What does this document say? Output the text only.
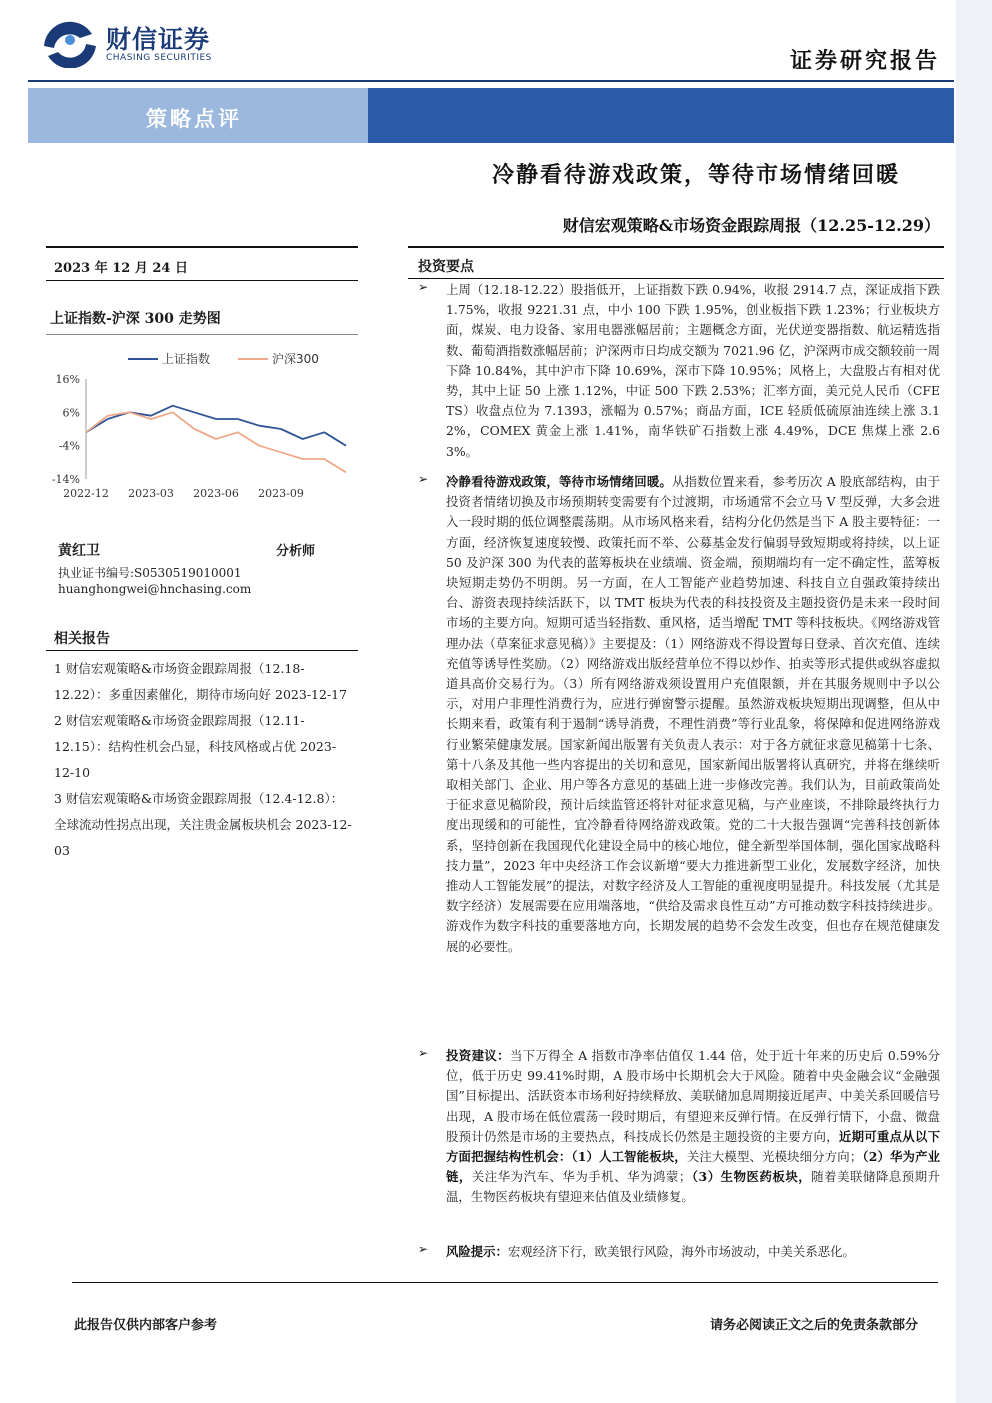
财信证券
CHASING SECURITIES	证券研究报告
策略点评
冷静看待游戏政策，等待市场情绪回暖
财信宏观策略&市场资金跟踪周报（12.25-12.29）
2023 年 12 月 24 日
上证指数-沪深 300 走势图
上证指数	沪深300
16%
6%
-4%
-14%
2022-12 2023-03 2023-06 2023-09
黄红卫	分析师
执业证书编号:S0530519010001
huanghongwei@hnchasing.com
相关报告
1 财信宏观策略&市场资金跟踪周报（12.18-12.22）：多重因素催化，期待市场向好 2023-12-17
2 财信宏观策略&市场资金跟踪周报（12.11-12.15）：结构性机会凸显，科技风格或占优 2023-12-10
3 财信宏观策略&市场资金跟踪周报（12.4-12.8）：全球流动性拐点出现，关注贵金属板块机会 2023-12-03
投资要点
➢ 上周（12.18-12.22）股指低开，上证指数下跌 0.94%，收报 2914.7 点，深证成指下跌 1.75%，收报 9221.31 点，中小 100 下跌 1.95%，创业板指下跌 1.23%；行业板块方面，煤炭、电力设备、家用电器涨幅居前；主题概念方面，光伏逆变器指数、航运精选指数、葡萄酒指数涨幅居前；沪深两市日均成交额为 7021.96 亿，沪深两市成交额较前一周下降 10.84%，其中沪市下降 10.69%，深市下降 10.95%；风格上，大盘股占有相对优势，其中上证 50 上涨 1.12%，中证 500 下跌 2.53%；汇率方面，美元兑人民币（CFETS）收盘点位为 7.1393，涨幅为 0.57%；商品方面，ICE 轻质低硫原油连续上涨 3.12%，COMEX 黄金上涨 1.41%，南华铁矿石指数上涨 4.49%，DCE 焦煤上涨 2.63%。
➢ 冷静看待游戏政策，等待市场情绪回暖。从指数位置来看，参考历次 A 股底部结构，由于投资者情绪切换及市场预期转变需要有个过渡期，市场通常不会立马 V 型反弹，大多会进入一段时期的低位调整震荡期。从市场风格来看，结构分化仍然是当下 A 股主要特征：一方面，经济恢复速度较慢、政策托而不举、公募基金发行偏弱导致短期或将持续，以上证 50 及沪深 300 为代表的蓝筹板块在业绩端、资金端，预期端均有一定不确定性，蓝筹板块短期走势仍不明朗。另一方面，在人工智能产业趋势加速、科技自立自强政策持续出台、游资表现持续活跃下，以 TMT 板块为代表的科技投资及主题投资仍是未来一段时间市场的主要方向。短期可适当轻指数、重风格，适当增配 TMT 等科技板块。《网络游戏管理办法（草案征求意见稿）》主要提及：（1）网络游戏不得设置每日登录、首次充值、连续充值等诱导性奖励。（2）网络游戏出版经营单位不得以炒作、拍卖等形式提供或纵容虚拟道具高价交易行为。（3）所有网络游戏须设置用户充值限额，并在其服务规则中予以公示，对用户非理性消费行为，应进行弹窗警示提醒。虽然游戏板块短期出现调整，但从中长期来看，政策有利于遏制“诱导消费，不理性消费”等行业乱象，将保障和促进网络游戏行业繁荣健康发展。国家新闻出版署有关负责人表示：对于各方就征求意见稿第十七条、第十八条及其他一些内容提出的关切和意见，国家新闻出版署将认真研究，并将在继续听取相关部门、企业、用户等各方意见的基础上进一步修改完善。我们认为，目前政策尚处于征求意见稿阶段，预计后续监管还将针对征求意见稿，与产业座谈，不排除最终执行力度出现缓和的可能性，宜冷静看待网络游戏政策。党的二十大报告强调“完善科技创新体系，坚持创新在我国现代化建设全局中的核心地位，健全新型举国体制，强化国家战略科技力量”，2023 年中央经济工作会议新增“要大力推进新型工业化，发展数字经济，加快推动人工智能发展”的提法，对数字经济及人工智能的重视度明显提升。科技发展（尤其是数字经济）发展需要在应用端落地，“供给及需求良性互动”方可推动数字科技持续进步。游戏作为数字科技的重要落地方向，长期发展的趋势不会发生改变，但也存在规范健康发展的必要性。
➢ 投资建议：当下万得全 A 指数市净率估值仅 1.44 倍，处于近十年来的历史后 0.59%分位，低于历史 99.41%时期，A 股市场中长期机会大于风险。随着中央金融会议“金融强国”目标提出、活跃资本市场利好持续释放、美联储加息周期接近尾声、中美关系回暖信号出现，A 股市场在低位震荡一段时期后，有望迎来反弹行情。在反弹行情下，小盘、微盘股预计仍然是市场的主要热点，科技成长仍然是主题投资的主要方向，近期可重点从以下方面把握结构性机会：（1）人工智能板块，关注大模型、光模块细分方向；（2）华为产业链，关注华为汽车、华为手机、华为鸿蒙；（3）生物医药板块，随着美联储降息预期升温，生物医药板块有望迎来估值及业绩修复。
➢ 风险提示：宏观经济下行，欧美银行风险，海外市场波动，中美关系恶化。
此报告仅供内部客户参考	请务必阅读正文之后的免责条款部分
